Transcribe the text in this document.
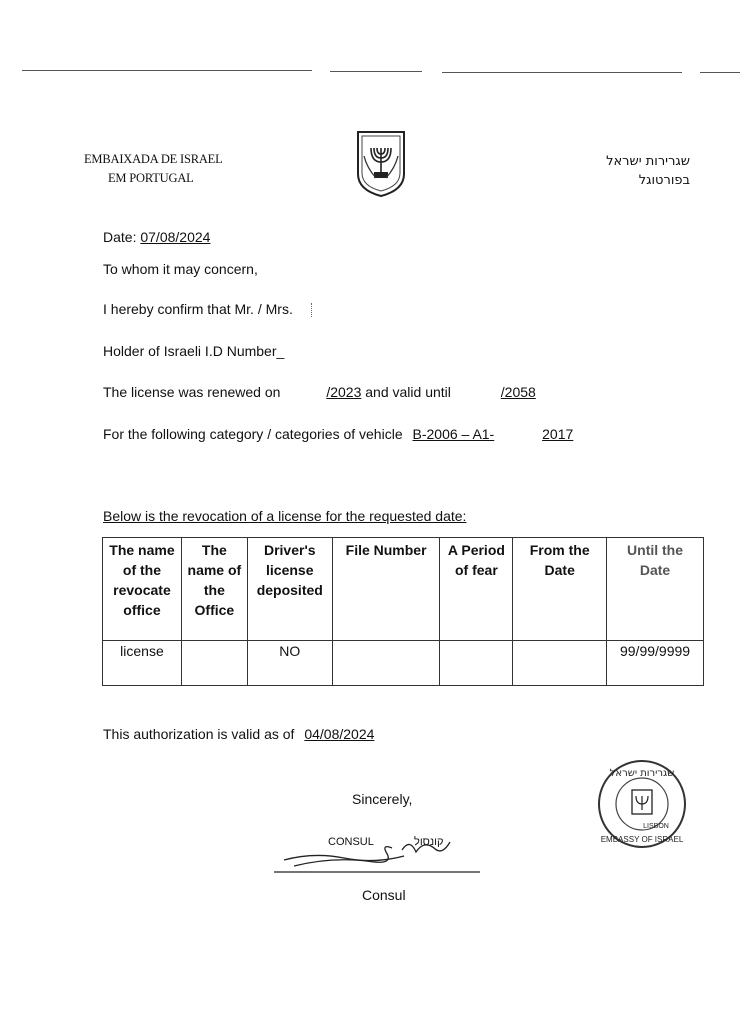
EMBAIXADA DE ISRAEL
EM PORTUGAL
שגרירות ישראל
בפורטוגל
Date: 07/08/2024
To whom it may concern,
I hereby confirm that Mr. / Mrs.
Holder of Israeli I.D Number_
The license was renewed on	/2023 and valid until	/2058
For the following category / categories of vehicle B-2006 – A1-	2017
Below is the revocation of a license for the requested date:
The name of the revocate office	The name of the Office	Driver's license deposited	File Number	A Period of fear	From the Date	Until the Date
license		NO				99/99/9999
This authorization is valid as of 04/08/2024
Sincerely,
CONSUL	קונסול
Consul
שגרירות ישראל
LISBON
EMBASSY OF ISRAEL
